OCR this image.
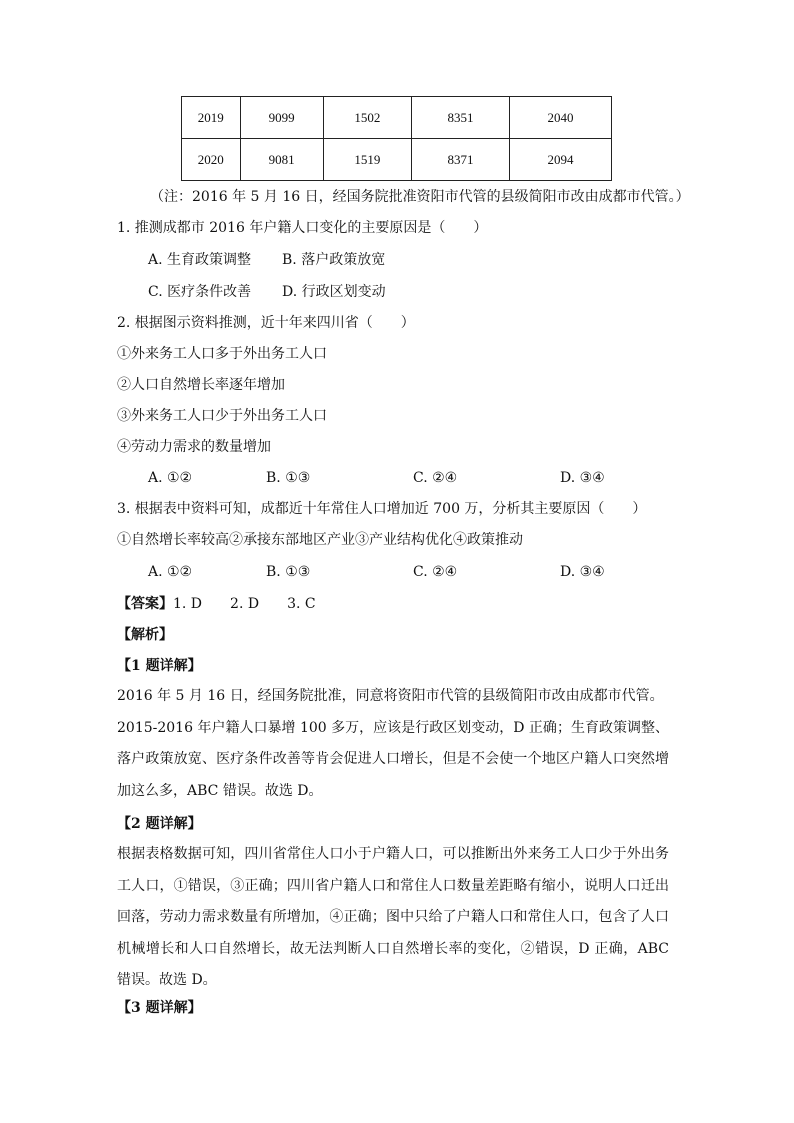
2019	9099	1502	8351	2040
2020	9081	1519	8371	2094
（注：2016 年 5 月 16 日，经国务院批准资阳市代管的县级简阳市改由成都市代管。）
1. 推测成都市 2016 年户籍人口变化的主要原因是（　　）
A. 生育政策调整 B. 落户政策放宽
C. 医疗条件改善 D. 行政区划变动
2. 根据图示资料推测，近十年来四川省（　　）
①外来务工人口多于外出务工人口
②人口自然增长率逐年增加
③外来务工人口少于外出务工人口
④劳动力需求的数量增加
A. ①②	B. ①③	C. ②④	D. ③④
3. 根据表中资料可知，成都近十年常住人口增加近 700 万，分析其主要原因（　　）
①自然增长率较高②承接东部地区产业③产业结构优化④政策推动
A. ①②	B. ①③	C. ②④	D. ③④
【答案】1. D　　2. D　　3. C
【解析】
【1 题详解】

2016 年 5 月 16 日，经国务院批准，同意将资阳市代管的县级简阳市改由成都市代管。

2015-2016 年户籍人口暴增 100 多万，应该是行政区划变动，D 正确；生育政策调整、落户政策放宽、医疗条件改善等肯会促进人口增长，但是不会使一个地区户籍人口突然增加这么多，ABC 错误。故选 D。

【2 题详解】

根据表格数据可知，四川省常住人口小于户籍人口，可以推断出外来务工人口少于外出务工人口，①错误，③正确；四川省户籍人口和常住人口数量差距略有缩小，说明人口迁出回落，劳动力需求数量有所增加，④正确；图中只给了户籍人口和常住人口，包含了人口机械增长和人口自然增长，故无法判断人口自然增长率的变化，②错误，D 正确，ABC 错误。故选 D。

【3 题详解】
